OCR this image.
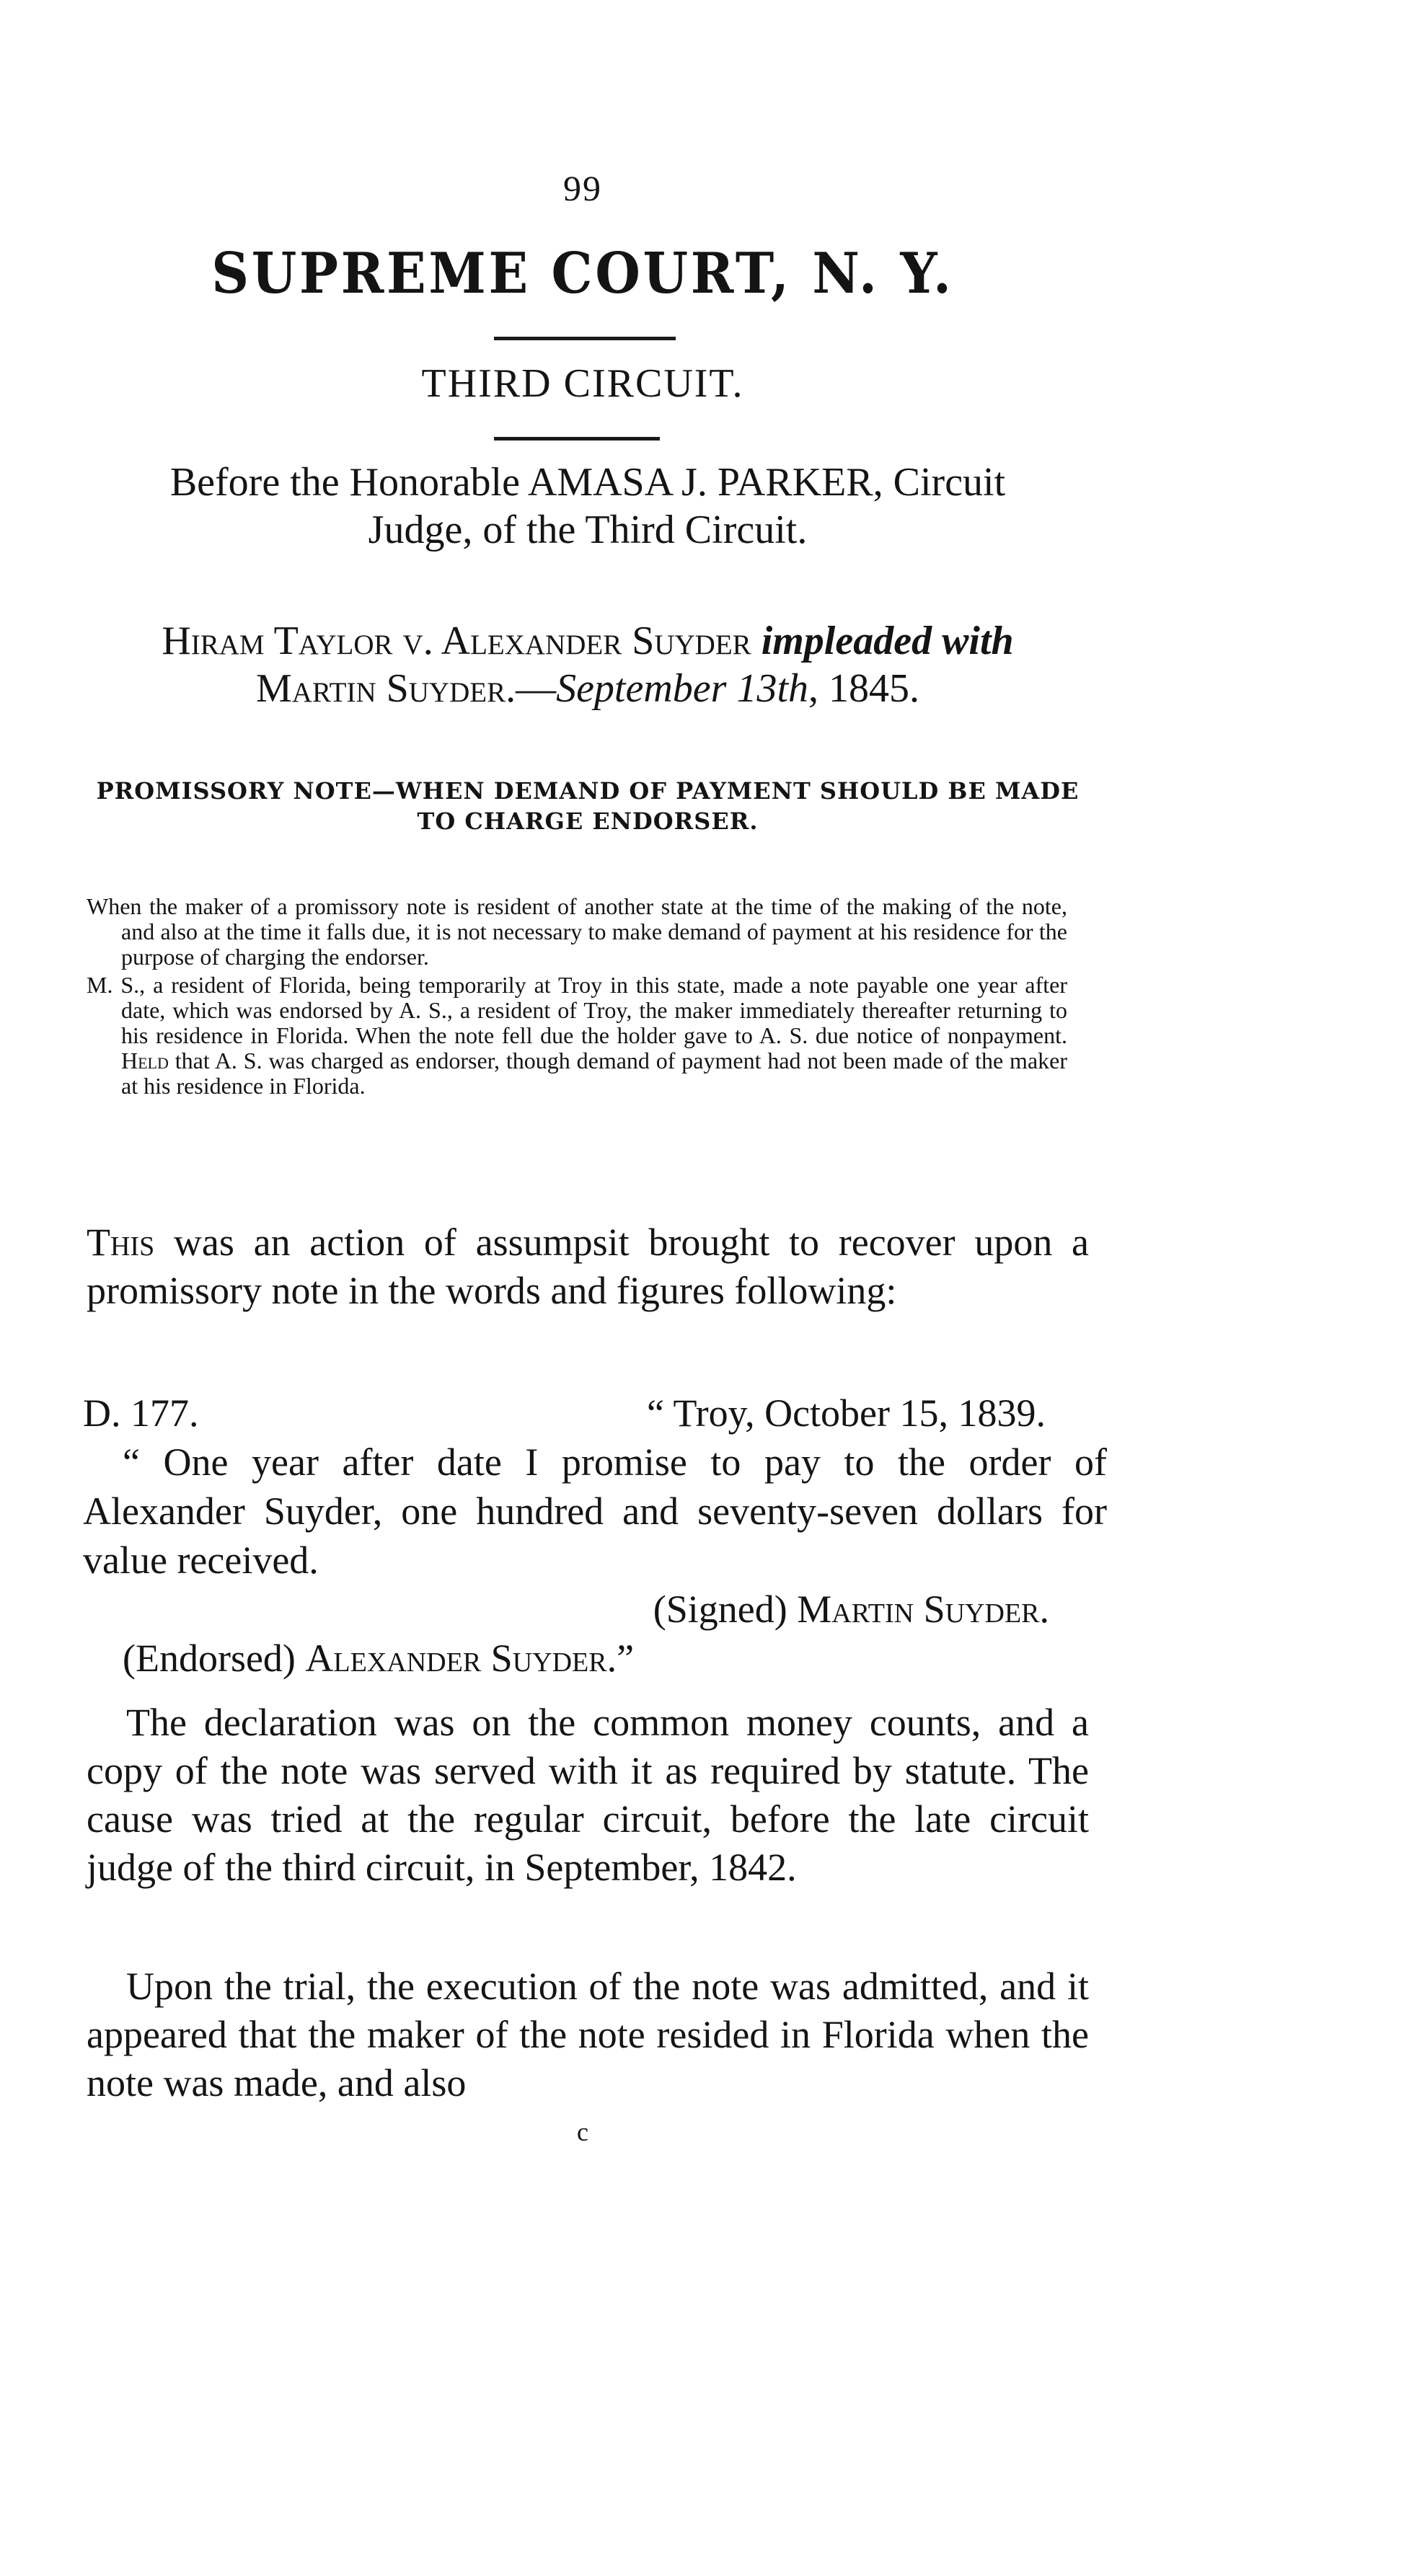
99
SUPREME COURT, N. Y.
THIRD CIRCUIT.
Before the Honorable AMASA J. PARKER, Circuit
Judge, of the Third Circuit.
Hiram Taylor v. Alexander Suyder impleaded with
Martin Suyder.—September 13th, 1845.
PROMISSORY NOTE—WHEN DEMAND OF PAYMENT SHOULD BE MADE TO CHARGE ENDORSER.

When the maker of a promissory note is resident of another state at the time of the making of the note, and also at the time it falls due, it is not necessary to make demand of payment at his residence for the purpose of charging the endorser.

M. S., a resident of Florida, being temporarily at Troy in this state, made a note payable one year after date, which was endorsed by A. S., a resident of Troy, the maker immediately thereafter returning to his residence in Florida. When the note fell due the holder gave to A. S. due notice of nonpayment. Held that A. S. was charged as endorser, though demand of payment had not been made of the maker at his residence in Florida.

This was an action of assumpsit brought to recover upon a promissory note in the words and figures following:
D. 177.	“ Troy, October 15, 1839.
“ One year after date I promise to pay to the order of Alexander Suyder, one hundred and seventy-seven dollars for value received.
(Signed) Martin Suyder.
(Endorsed) Alexander Suyder.”
The declaration was on the common money counts, and a copy of the note was served with it as required by statute. The cause was tried at the regular circuit, before the late circuit judge of the third circuit, in September, 1842.
Upon the trial, the execution of the note was admitted, and it appeared that the maker of the note resided in Florida when the note was made, and also
c
